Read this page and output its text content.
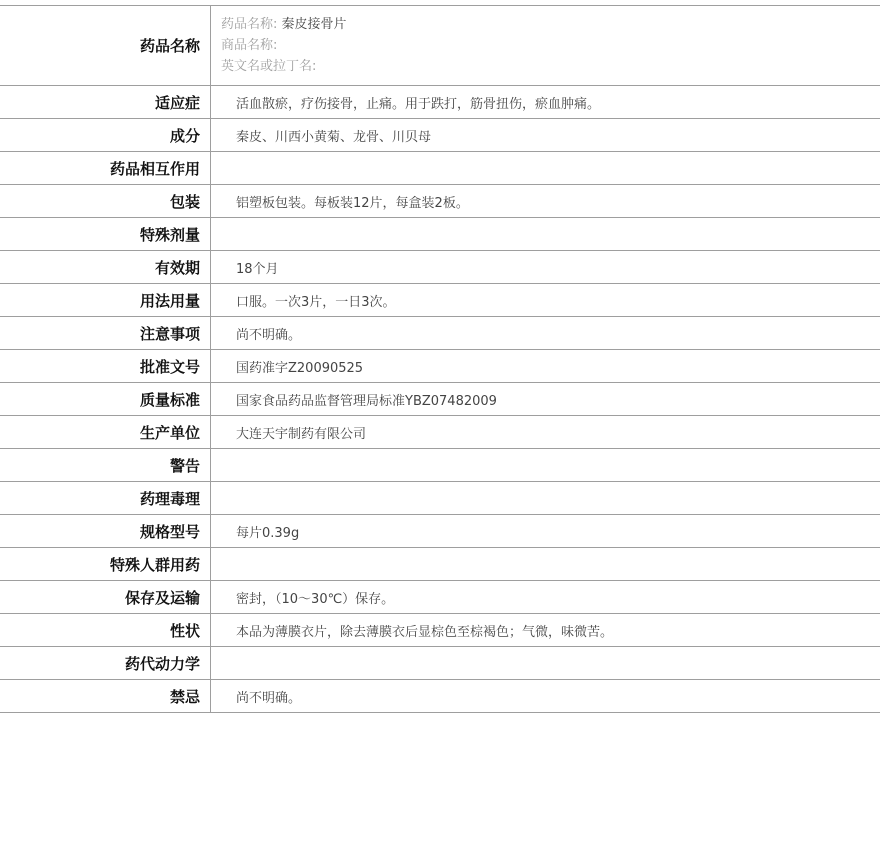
药品名称	药品名称: 秦皮接骨片
商品名称:
英文名或拉丁名:

适应症	活血散瘀，疗伤接骨，止痛。用于跌打，筋骨扭伤，瘀血肿痛。
成分	秦皮、川西小黄菊、龙骨、川贝母
药品相互作用	
包装	铝塑板包装。每板装12片，每盒装2板。
特殊剂量	
有效期	18个月
用法用量	口服。一次3片，一日3次。
注意事项	尚不明确。
批准文号	国药准字Z20090525
质量标准	国家食品药品监督管理局标准YBZ07482009
生产单位	大连天宇制药有限公司
警告	
药理毒理	
规格型号	每片0.39g
特殊人群用药	
保存及运输	密封，（10～30℃）保存。
性状	本品为薄膜衣片，除去薄膜衣后显棕色至棕褐色；气微，味微苦。
药代动力学	
禁忌	尚不明确。
